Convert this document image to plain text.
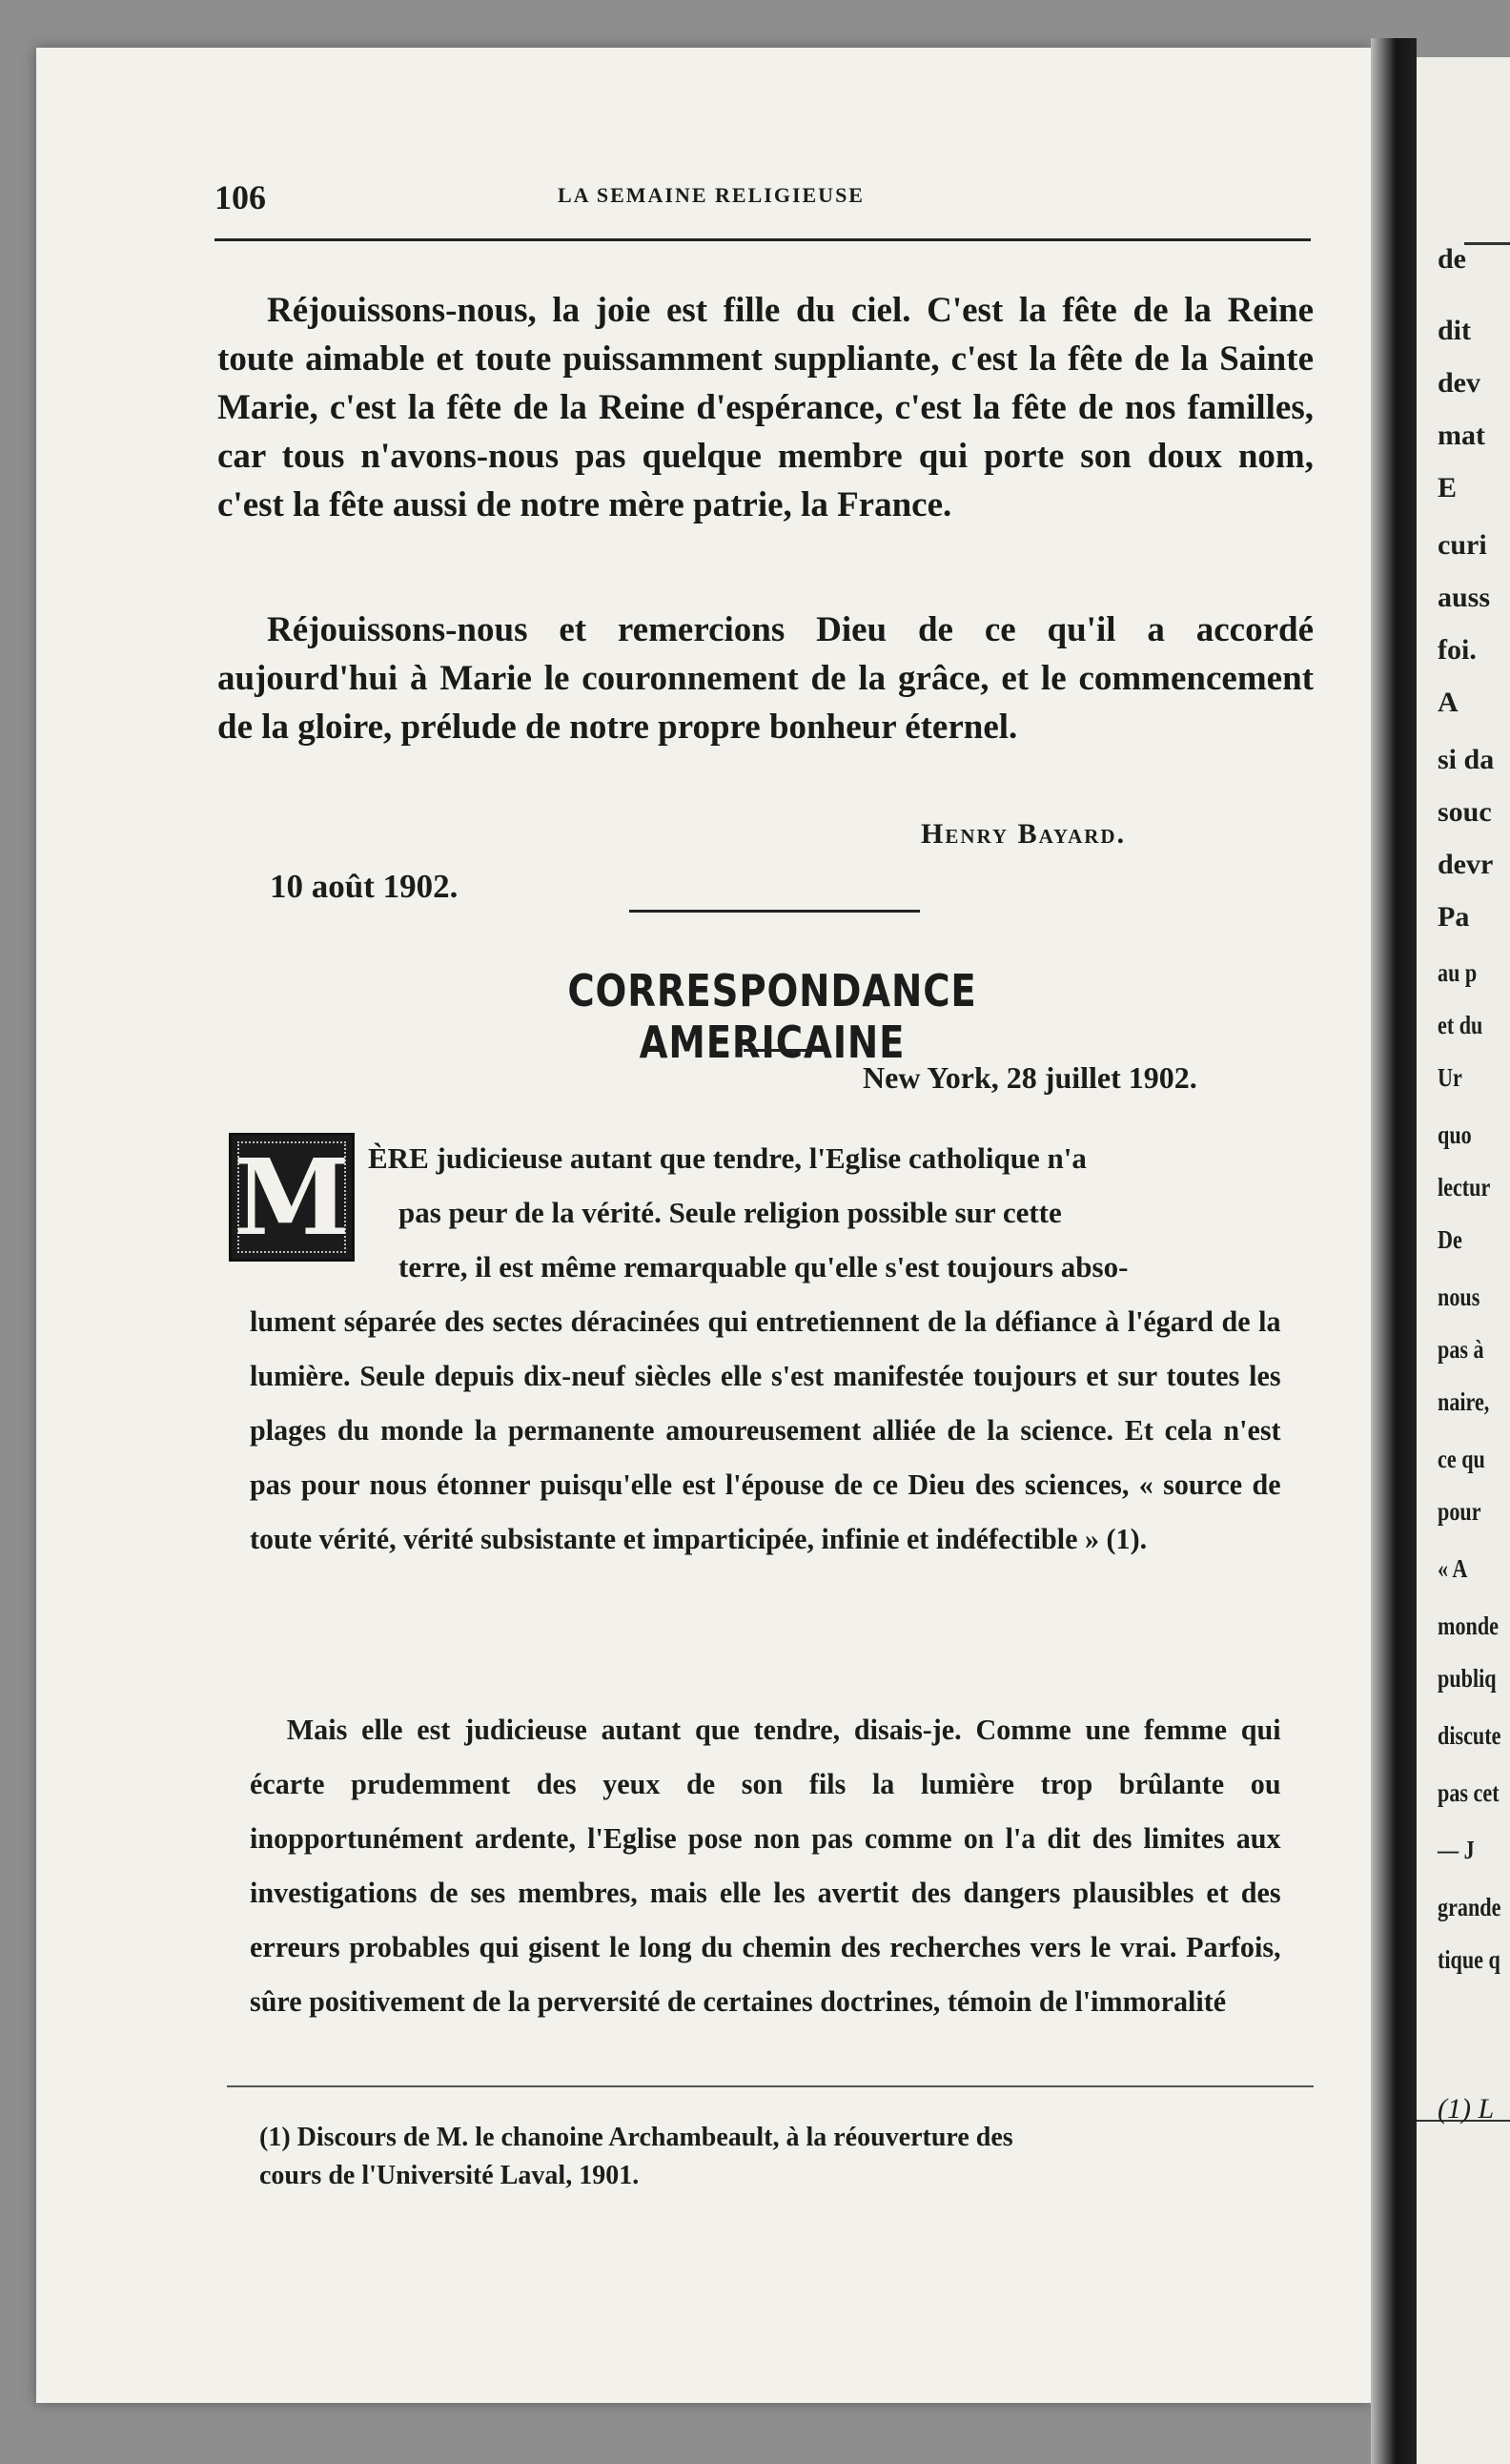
106	LA SEMAINE RELIGIEUSE

Réjouissons-nous, la joie est fille du ciel. C'est la fête de la Reine toute aimable et toute puissamment suppliante, c'est la fête de la Sainte Marie, c'est la fête de la Reine d'espérance, c'est la fête de nos familles, car tous n'avons-nous pas quelque membre qui porte son doux nom, c'est la fête aussi de notre mère patrie, la France.

Réjouissons-nous et remercions Dieu de ce qu'il a accordé aujourd'hui à Marie le couronnement de la grâce, et le commencement de la gloire, prélude de notre propre bonheur éternel.

Henry Bayard.
10 août 1902.
CORRESPONDANCE AMERICAINE
New York, 28 juillet 1902.
M ÈRE judicieuse autant que tendre, l'Eglise catholique n'a
pas peur de la vérité. Seule religion possible sur cette
terre, il est même remarquable qu'elle s'est toujours abso-

lument séparée des sectes déracinées qui entretiennent de la défiance à l'égard de la lumière. Seule depuis dix-neuf siècles elle s'est manifestée toujours et sur toutes les plages du monde la permanente amoureusement alliée de la science. Et cela n'est pas pour nous étonner puisqu'elle est l'épouse de ce Dieu des sciences, « source de toute vérité, vérité subsistante et imparticipée, infinie et indéfectible » (1).

Mais elle est judicieuse autant que tendre, disais-je. Comme une femme qui écarte prudemment des yeux de son fils la lumière trop brûlante ou inopportunément ardente, l'Eglise pose non pas comme on l'a dit des limites aux investigations de ses membres, mais elle les avertit des dangers plausibles et des erreurs probables qui gisent le long du chemin des recherches vers le vrai. Parfois, sûre positivement de la perversité de certaines doctrines, témoin de l'immoralité

(1) Discours de M. le chanoine Archambeault, à la réouverture des
cours de l'Université Laval, 1901.
de
dit
dev
mat
E
curi
auss
foi.
A
si da
souc
devr
Pa
au p
et du
Ur
quo
lectur
De
nous
pas à
naire,
ce qu
pour
« A
monde
publiq
discute
pas cet
— J
grande
tique q
(1) L
